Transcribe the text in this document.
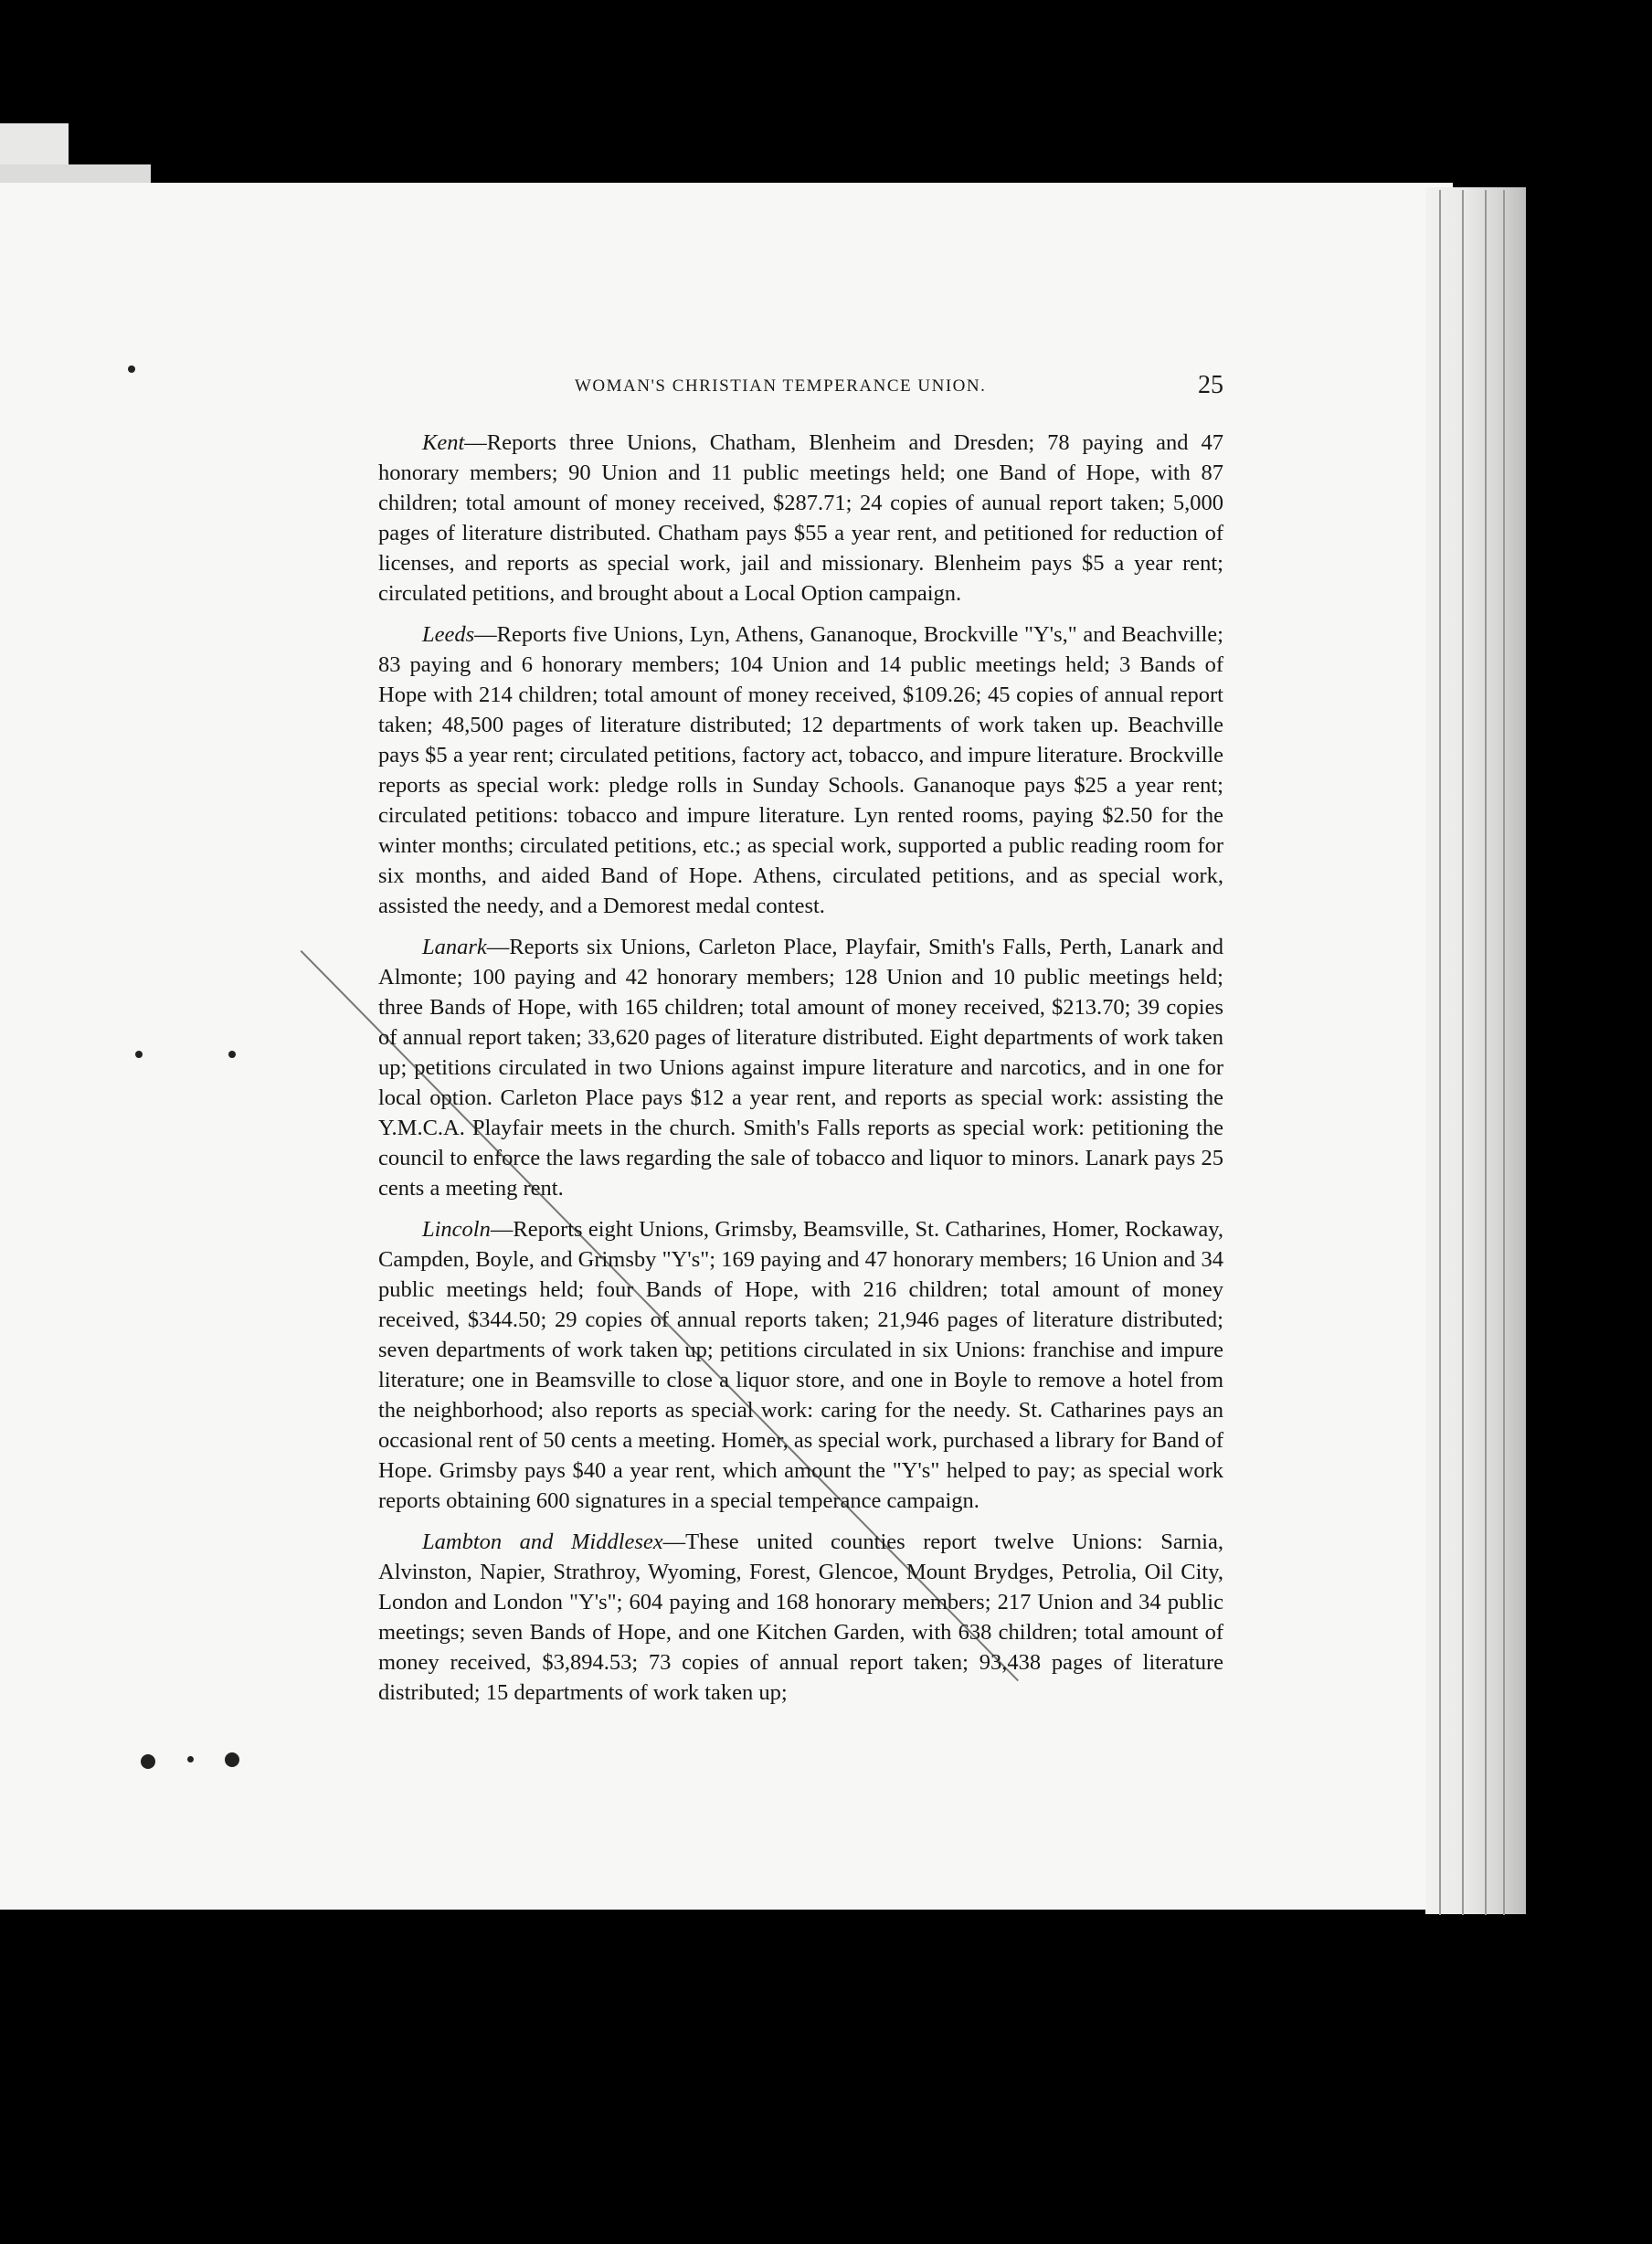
WOMAN'S CHRISTIAN TEMPERANCE UNION.	25

Kent—Reports three Unions, Chatham, Blenheim and Dresden; 78 paying and 47 honorary members; 90 Union and 11 public meetings held; one Band of Hope, with 87 children; total amount of money received, $287.71; 24 copies of aunual report taken; 5,000 pages of literature distributed. Chatham pays $55 a year rent, and petitioned for reduction of licenses, and reports as special work, jail and missionary. Blenheim pays $5 a year rent; circulated petitions, and brought about a Local Option campaign.

Leeds—Reports five Unions, Lyn, Athens, Gananoque, Brockville "Y's," and Beachville; 83 paying and 6 honorary members; 104 Union and 14 public meetings held; 3 Bands of Hope with 214 children; total amount of money received, $109.26; 45 copies of annual report taken; 48,500 pages of literature distributed; 12 departments of work taken up. Beachville pays $5 a year rent; circulated petitions, factory act, tobacco, and impure literature. Brockville reports as special work: pledge rolls in Sunday Schools. Gananoque pays $25 a year rent; circulated petitions: tobacco and impure literature. Lyn rented rooms, paying $2.50 for the winter months; circulated petitions, etc.; as special work, supported a public reading room for six months, and aided Band of Hope. Athens, circulated petitions, and as special work, assisted the needy, and a Demorest medal contest.

Lanark—Reports six Unions, Carleton Place, Playfair, Smith's Falls, Perth, Lanark and Almonte; 100 paying and 42 honorary members; 128 Union and 10 public meetings held; three Bands of Hope, with 165 children; total amount of money received, $213.70; 39 copies of annual report taken; 33,620 pages of literature distributed. Eight departments of work taken up; petitions circulated in two Unions against impure literature and narcotics, and in one for local option. Carleton Place pays $12 a year rent, and reports as special work: assisting the Y.M.C.A. Playfair meets in the church. Smith's Falls reports as special work: petitioning the council to enforce the laws regarding the sale of tobacco and liquor to minors. Lanark pays 25 cents a meeting rent.

Lincoln—Reports eight Unions, Grimsby, Beamsville, St. Catharines, Homer, Rockaway, Campden, Boyle, and Grimsby "Y's"; 169 paying and 47 honorary members; 16 Union and 34 public meetings held; four Bands of Hope, with 216 children; total amount of money received, $344.50; 29 copies of annual reports taken; 21,946 pages of literature distributed; seven departments of work taken up; petitions circulated in six Unions: franchise and impure literature; one in Beamsville to close a liquor store, and one in Boyle to remove a hotel from the neighborhood; also reports as special work: caring for the needy. St. Catharines pays an occasional rent of 50 cents a meeting. Homer, as special work, purchased a library for Band of Hope. Grimsby pays $40 a year rent, which amount the "Y's" helped to pay; as special work reports obtaining 600 signatures in a special temperance campaign.

Lambton and Middlesex—These united counties report twelve Unions: Sarnia, Alvinston, Napier, Strathroy, Wyoming, Forest, Glencoe, Mount Brydges, Petrolia, Oil City, London and London "Y's"; 604 paying and 168 honorary members; 217 Union and 34 public meetings; seven Bands of Hope, and one Kitchen Garden, with 638 children; total amount of money received, $3,894.53; 73 copies of annual report taken; 93,438 pages of literature distributed; 15 departments of work taken up;
